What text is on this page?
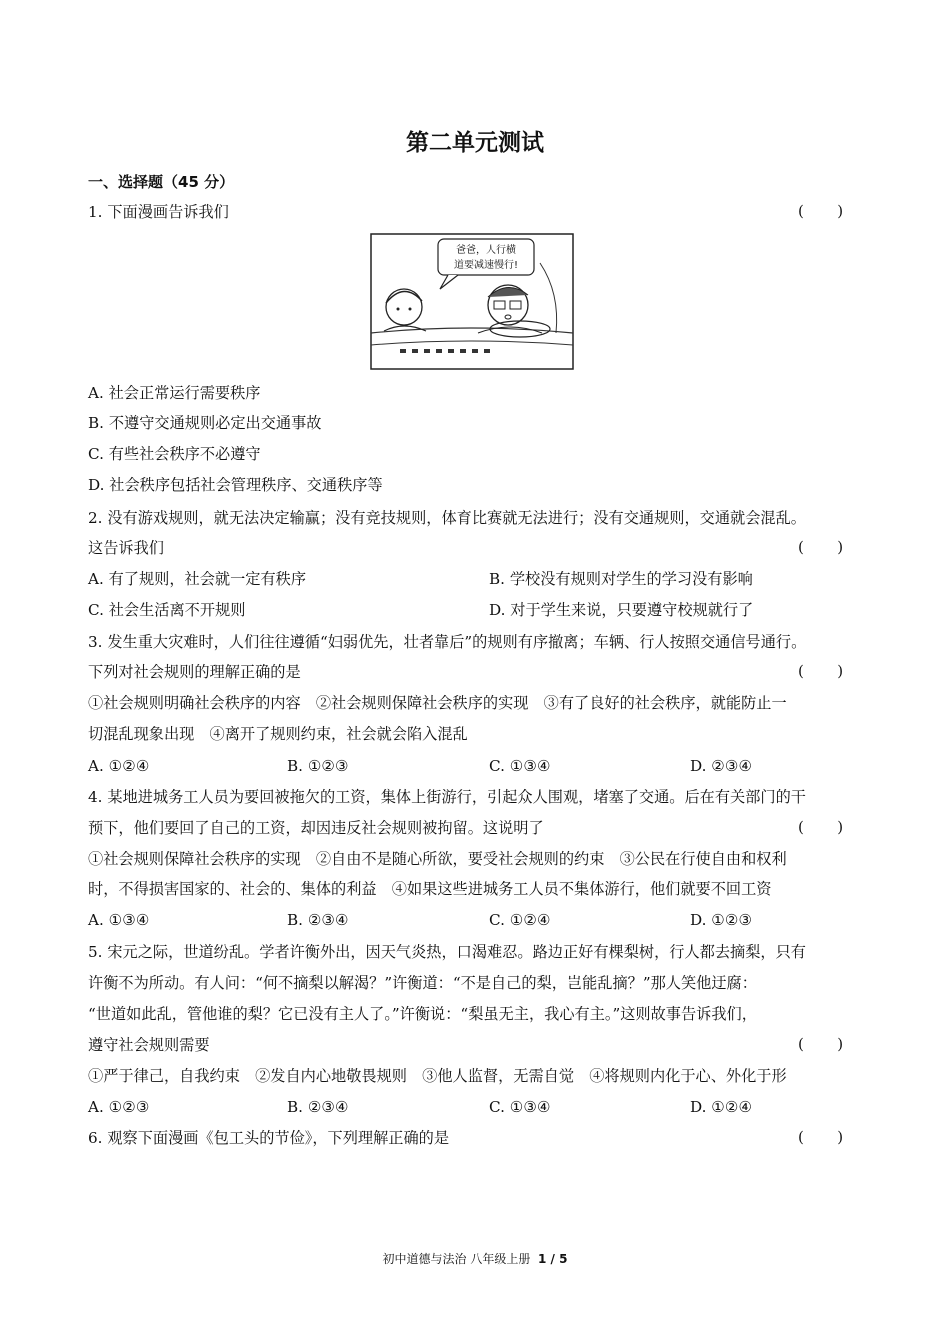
第二单元测试
一、选择题（45 分）
1. 下面漫画告诉我们	(       )
爸爸，人行横
道要减速慢行!
A. 社会正常运行需要秩序
B. 不遵守交通规则必定出交通事故
C. 有些社会秩序不必遵守
D. 社会秩序包括社会管理秩序、交通秩序等
2. 没有游戏规则，就无法决定输赢；没有竞技规则，体育比赛就无法进行；没有交通规则，交通就会混乱。
这告诉我们	(       )
A. 有了规则，社会就一定有秩序	B. 学校没有规则对学生的学习没有影响
C. 社会生活离不开规则	D. 对于学生来说，只要遵守校规就行了
3. 发生重大灾难时，人们往往遵循“妇弱优先，壮者靠后”的规则有序撤离；车辆、行人按照交通信号通行。
下列对社会规则的理解正确的是	(       )
①社会规则明确社会秩序的内容　②社会规则保障社会秩序的实现　③有了良好的社会秩序，就能防止一
切混乱现象出现　④离开了规则约束，社会就会陷入混乱
A. ①②④	B. ①②③	C. ①③④	D. ②③④
4. 某地进城务工人员为要回被拖欠的工资，集体上街游行，引起众人围观，堵塞了交通。后在有关部门的干
预下，他们要回了自己的工资，却因违反社会规则被拘留。这说明了	(       )
①社会规则保障社会秩序的实现　②自由不是随心所欲，要受社会规则的约束　③公民在行使自由和权利
时，不得损害国家的、社会的、集体的利益　④如果这些进城务工人员不集体游行，他们就要不回工资
A. ①③④	B. ②③④	C. ①②④	D. ①②③
5. 宋元之际，世道纷乱。学者许衡外出，因天气炎热，口渴难忍。路边正好有棵梨树，行人都去摘梨，只有
许衡不为所动。有人问：“何不摘梨以解渴？”许衡道：“不是自己的梨，岂能乱摘？”那人笑他迂腐：
“世道如此乱，管他谁的梨？它已没有主人了。”许衡说：“梨虽无主，我心有主。”这则故事告诉我们，
遵守社会规则需要	(       )
①严于律己，自我约束　②发自内心地敬畏规则　③他人监督，无需自觉　④将规则内化于心、外化于形
A. ①②③	B. ②③④	C. ①③④	D. ①②④
6. 观察下面漫画《包工头的节俭》，下列理解正确的是	(       )
初中道德与法治 八年级上册 1 / 5
